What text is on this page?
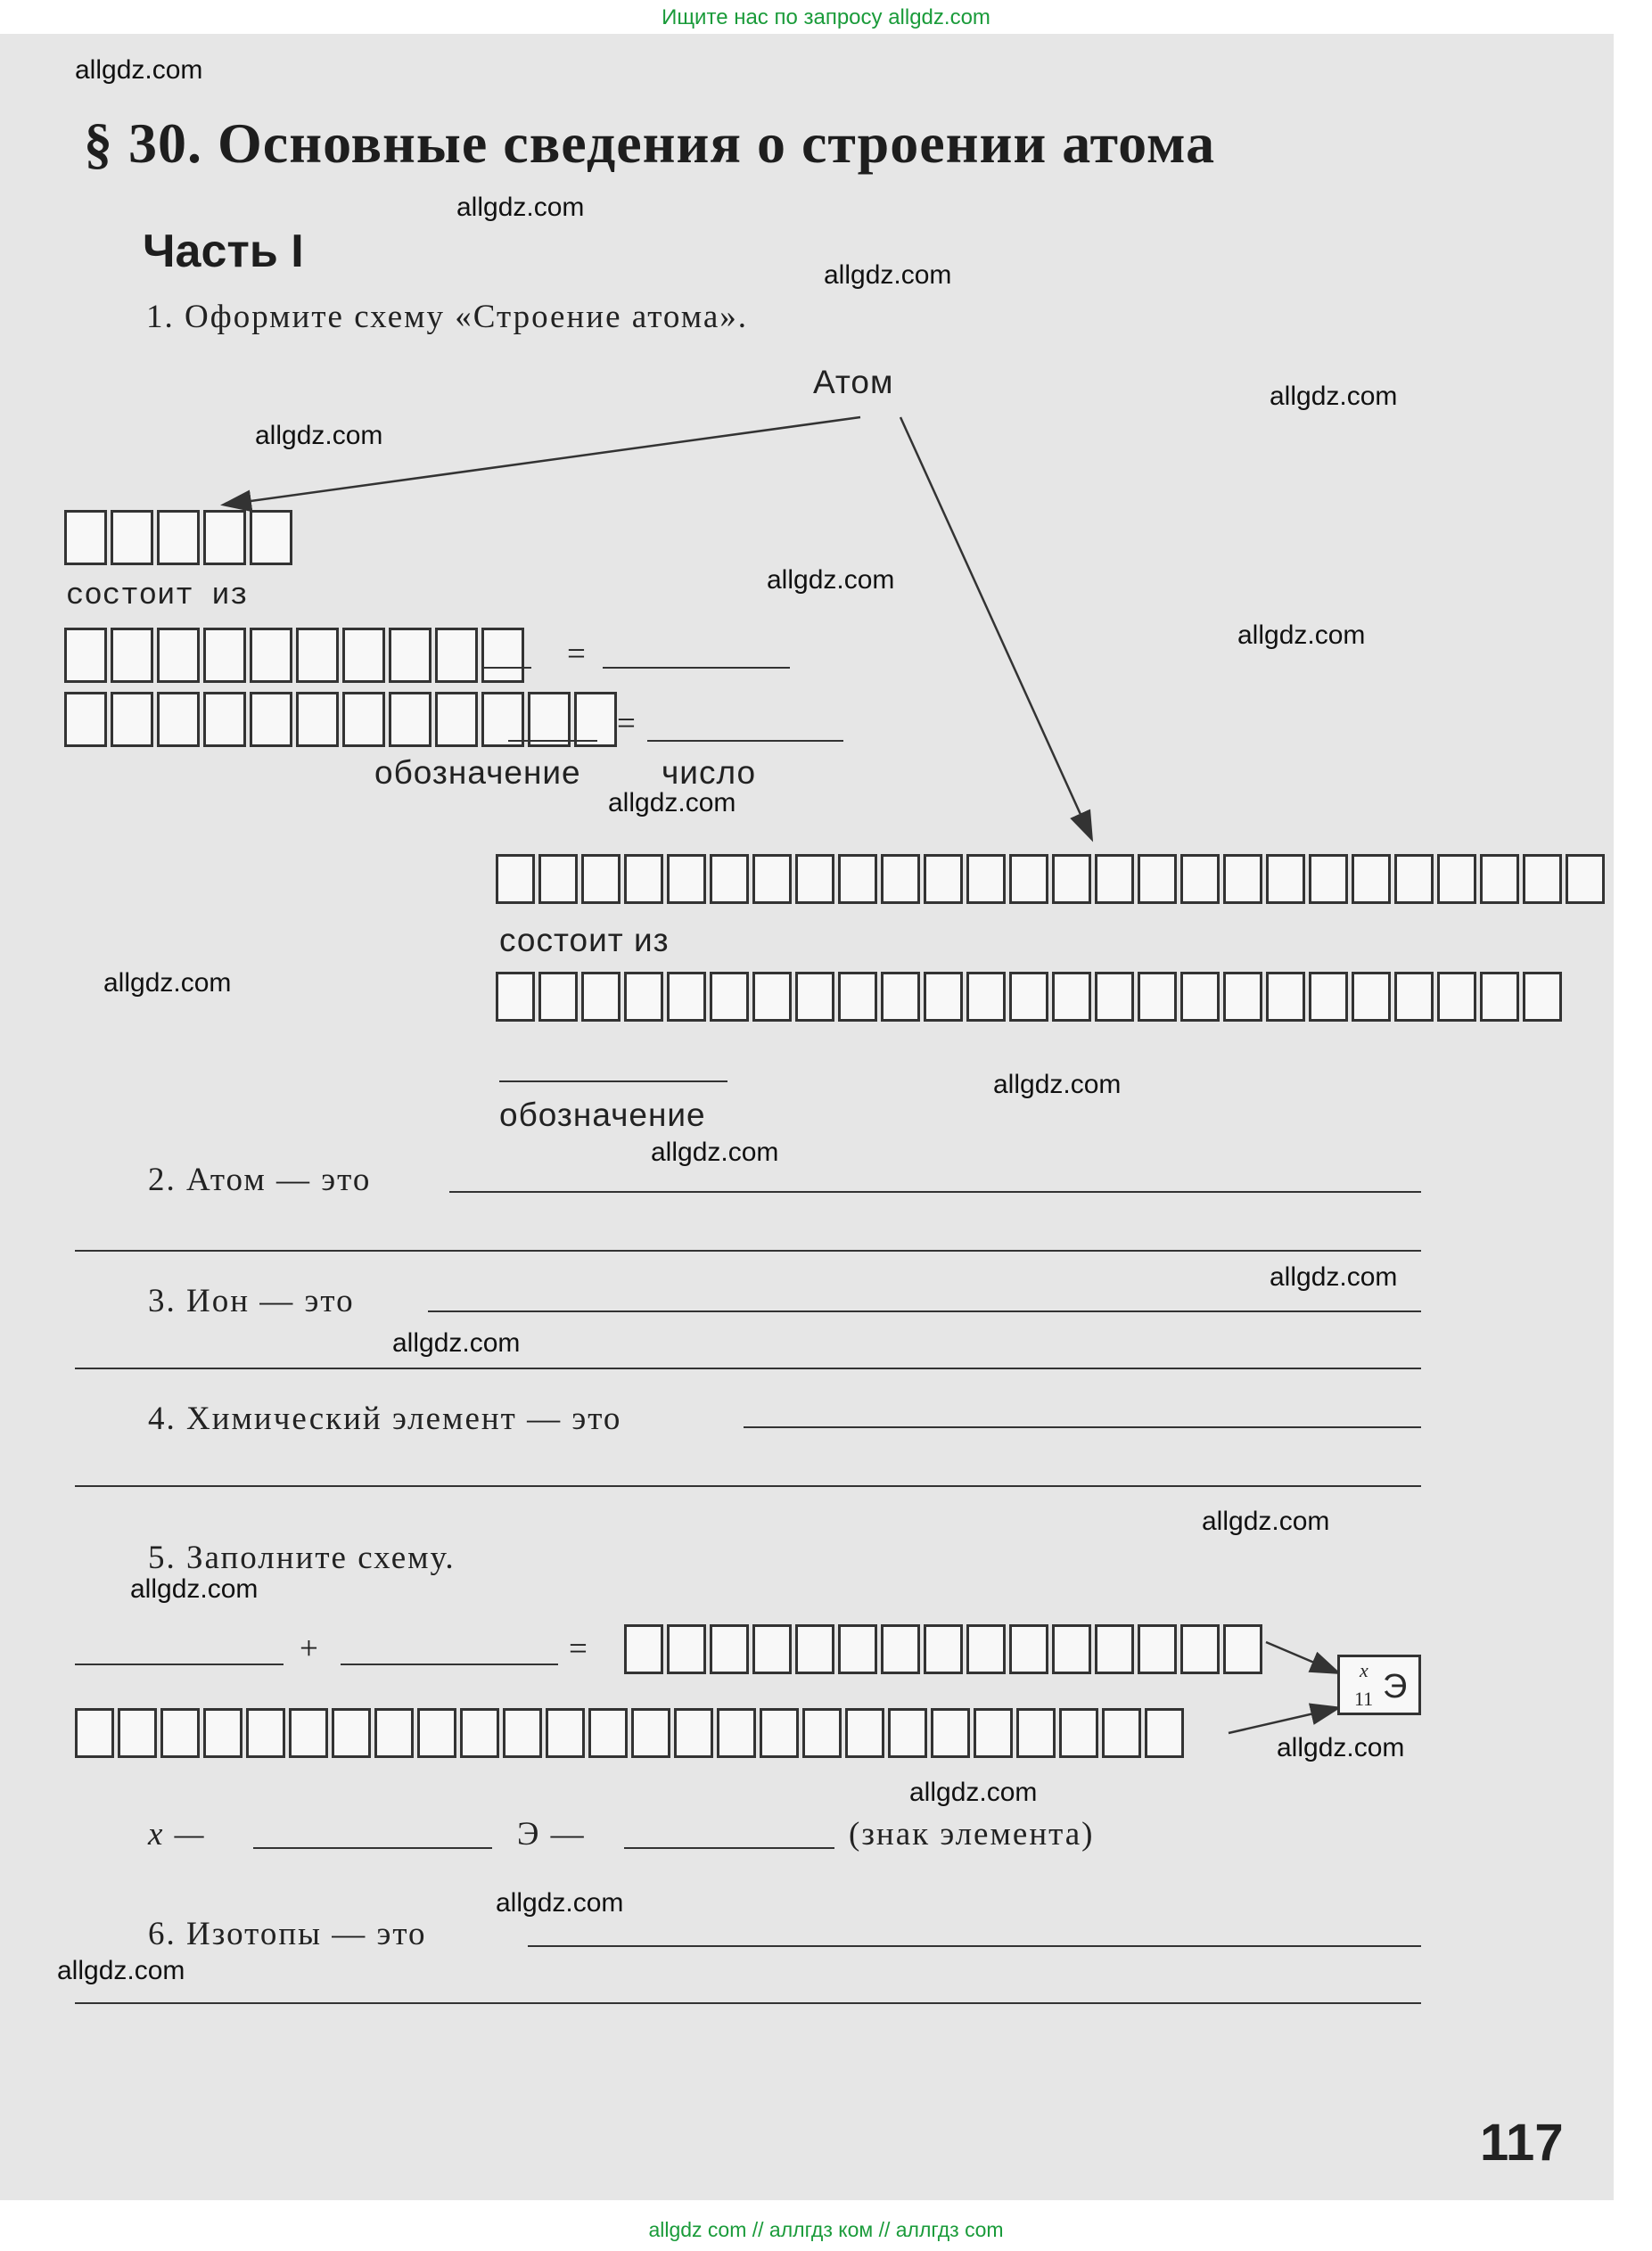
Ищите нас по запросу allgdz.com
allgdz.com
allgdz.com
allgdz.com
allgdz.com
allgdz.com
allgdz.com
allgdz.com
allgdz.com
allgdz.com
allgdz.com
allgdz.com
allgdz.com
allgdz.com
allgdz.com
allgdz.com
allgdz.com
allgdz.com
allgdz.com
allgdz.com
§ 30. Основные сведения о строении атома
Часть I
1. Оформите схему «Строение атома».
Атом
состоит из
=
=
обозначение число
состоит из
обозначение
2. Атом — это
3. Ион — это
4. Химический элемент — это
5. Заполните схему.
+	=
x
11 Э
x —	Э —	(знак элемента)
6. Изотопы — это
117
allgdz com // аллгдз ком // аллгдз com
